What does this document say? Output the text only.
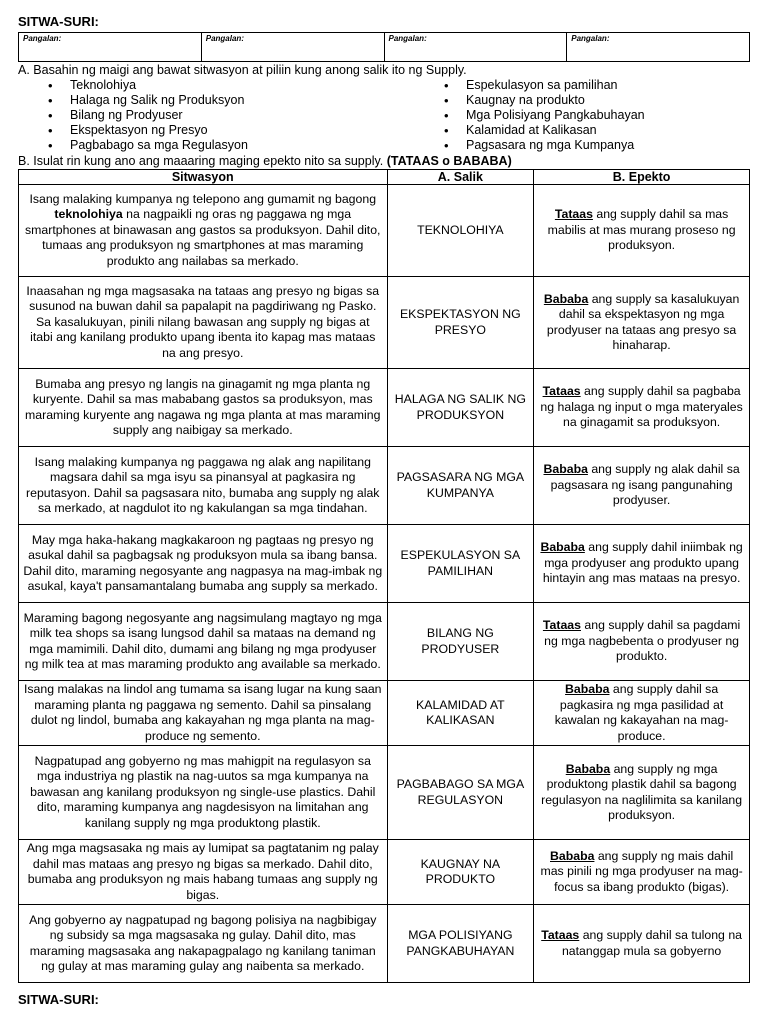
SITWA-SURI:
Pangalan:	Pangalan:	Pangalan:	Pangalan:
A. Basahin ng maigi ang bawat sitwasyon at piliin kung anong salik ito ng Supply.
• Teknolohiya
• Halaga ng Salik ng Produksyon
• Bilang ng Prodyuser
• Ekspektasyon ng Presyo
• Pagbabago sa mga Regulasyon
• Espekulasyon sa pamilihan
• Kaugnay na produkto
• Mga Polisiyang Pangkabuhayan
• Kalamidad at Kalikasan
• Pagsasara ng mga Kumpanya
B. Isulat rin kung ano ang maaaring maging epekto nito sa supply. (TATAAS o BABABA)
Sitwasyon	A. Salik	B. Epekto
Isang malaking kumpanya ng telepono ang gumamit ng bagong teknolohiya na nagpaikli ng oras ng paggawa ng mga smartphones at binawasan ang gastos sa produksyon. Dahil dito, tumaas ang produksyon ng smartphones at mas maraming produkto ang nailabas sa merkado.	TEKNOLOHIYA	Tataas ang supply dahil sa mas mabilis at mas murang proseso ng produksyon.
Inaasahan ng mga magsasaka na tataas ang presyo ng bigas sa susunod na buwan dahil sa papalapit na pagdiriwang ng Pasko. Sa kasalukuyan, pinili nilang bawasan ang supply ng bigas at itabi ang kanilang produkto upang ibenta ito kapag mas mataas na ang presyo.	EKSPEKTASYON NG PRESYO	Bababa ang supply sa kasalukuyan dahil sa ekspektasyon ng mga prodyuser na tataas ang presyo sa hinaharap.
Bumaba ang presyo ng langis na ginagamit ng mga planta ng kuryente. Dahil sa mas mababang gastos sa produksyon, mas maraming kuryente ang nagawa ng mga planta at mas maraming supply ang naibigay sa merkado.	HALAGA NG SALIK NG PRODUKSYON	Tataas ang supply dahil sa pagbaba ng halaga ng input o mga materyales na ginagamit sa produksyon.
Isang malaking kumpanya ng paggawa ng alak ang napilitang magsara dahil sa mga isyu sa pinansyal at pagkasira ng reputasyon. Dahil sa pagsasara nito, bumaba ang supply ng alak sa merkado, at nagdulot ito ng kakulangan sa mga tindahan.	PAGSASARA NG MGA KUMPANYA	Bababa ang supply ng alak dahil sa pagsasara ng isang pangunahing prodyuser.
May mga haka-hakang magkakaroon ng pagtaas ng presyo ng asukal dahil sa pagbagsak ng produksyon mula sa ibang bansa. Dahil dito, maraming negosyante ang nagpasya na mag-imbak ng asukal, kaya't pansamantalang bumaba ang supply sa merkado.	ESPEKULASYON SA PAMILIHAN	Bababa ang supply dahil iniimbak ng mga prodyuser ang produkto upang hintayin ang mas mataas na presyo.
Maraming bagong negosyante ang nagsimulang magtayo ng mga milk tea shops sa isang lungsod dahil sa mataas na demand ng mga mamimili. Dahil dito, dumami ang bilang ng mga prodyuser ng milk tea at mas maraming produkto ang available sa merkado.	BILANG NG PRODYUSER	Tataas ang supply dahil sa pagdami ng mga nagbebenta o prodyuser ng produkto.
Isang malakas na lindol ang tumama sa isang lugar na kung saan maraming planta ng paggawa ng semento. Dahil sa pinsalang dulot ng lindol, bumaba ang kakayahan ng mga planta na mag-produce ng semento.	KALAMIDAD AT KALIKASAN	Bababa ang supply dahil sa pagkasira ng mga pasilidad at kawalan ng kakayahan na mag-produce.
Nagpatupad ang gobyerno ng mas mahigpit na regulasyon sa mga industriya ng plastik na nag-uutos sa mga kumpanya na bawasan ang kanilang produksyon ng single-use plastics. Dahil dito, maraming kumpanya ang nagdesisyon na limitahan ang kanilang supply ng mga produktong plastik.	PAGBABAGO SA MGA REGULASYON	Bababa ang supply ng mga produktong plastik dahil sa bagong regulasyon na naglilimita sa kanilang produksyon.
Ang mga magsasaka ng mais ay lumipat sa pagtatanim ng palay dahil mas mataas ang presyo ng bigas sa merkado. Dahil dito, bumaba ang produksyon ng mais habang tumaas ang supply ng bigas.	KAUGNAY NA PRODUKTO	Bababa ang supply ng mais dahil mas pinili ng mga prodyuser na mag-focus sa ibang produkto (bigas).
Ang gobyerno ay nagpatupad ng bagong polisiya na nagbibigay ng subsidy sa mga magsasaka ng gulay. Dahil dito, mas maraming magsasaka ang nakapagpalago ng kanilang taniman ng gulay at mas maraming gulay ang naibenta sa merkado.	MGA POLISIYANG PANGKABUHAYAN	Tataas ang supply dahil sa tulong na natanggap mula sa gobyerno
SITWA-SURI:
